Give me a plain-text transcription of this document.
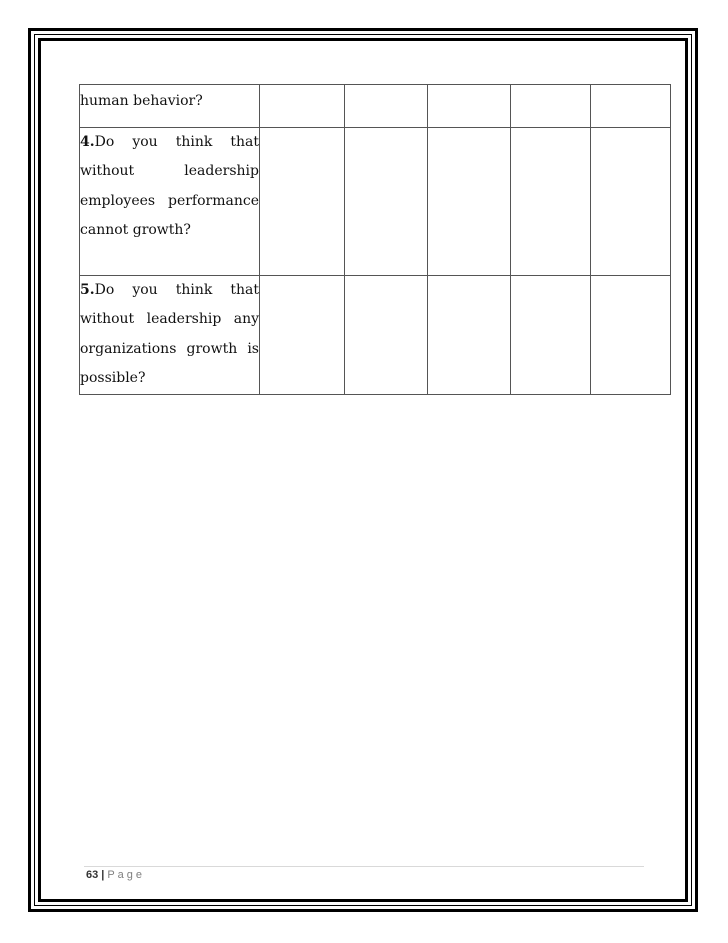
human behavior?					
4.Do you think that without leadership employees performance cannot growth?					
5.Do you think that without leadership any organizations growth is possible?					
63 | Page
